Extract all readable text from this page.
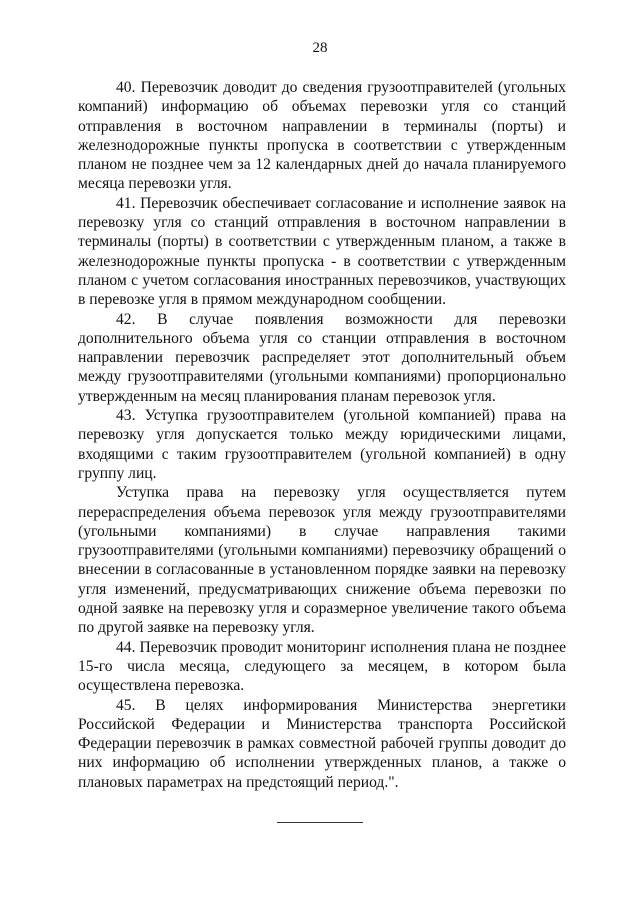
28

40. Перевозчик доводит до сведения грузоотправителей (угольных компаний) информацию об объемах перевозки угля со станций отправления в восточном направлении в терминалы (порты) и железнодорожные пункты пропуска в соответствии с утвержденным планом не позднее чем за 12 календарных дней до начала планируемого месяца перевозки угля.

41. Перевозчик обеспечивает согласование и исполнение заявок на перевозку угля со станций отправления в восточном направлении в терминалы (порты) в соответствии с утвержденным планом, а также в железнодорожные пункты пропуска - в соответствии с утвержденным планом с учетом согласования иностранных перевозчиков, участвующих в перевозке угля в прямом международном сообщении.

42. В случае появления возможности для перевозки дополнительного объема угля со станции отправления в восточном направлении перевозчик распределяет этот дополнительный объем между грузоотправителями (угольными компаниями) пропорционально утвержденным на месяц планирования планам перевозок угля.

43. Уступка грузоотправителем (угольной компанией) права на перевозку угля допускается только между юридическими лицами, входящими с таким грузоотправителем (угольной компанией) в одну группу лиц.

Уступка права на перевозку угля осуществляется путем перераспределения объема перевозок угля между грузоотправителями (угольными компаниями) в случае направления такими грузоотправителями (угольными компаниями) перевозчику обращений о внесении в согласованные в установленном порядке заявки на перевозку угля изменений, предусматривающих снижение объема перевозки по одной заявке на перевозку угля и соразмерное увеличение такого объема по другой заявке на перевозку угля.

44. Перевозчик проводит мониторинг исполнения плана не позднее 15-го числа месяца, следующего за месяцем, в котором была осуществлена перевозка.

45. В целях информирования Министерства энергетики Российской Федерации и Министерства транспорта Российской Федерации перевозчик в рамках совместной рабочей группы доводит до них информацию об исполнении утвержденных планов, а также о плановых параметрах на предстоящий период.".
